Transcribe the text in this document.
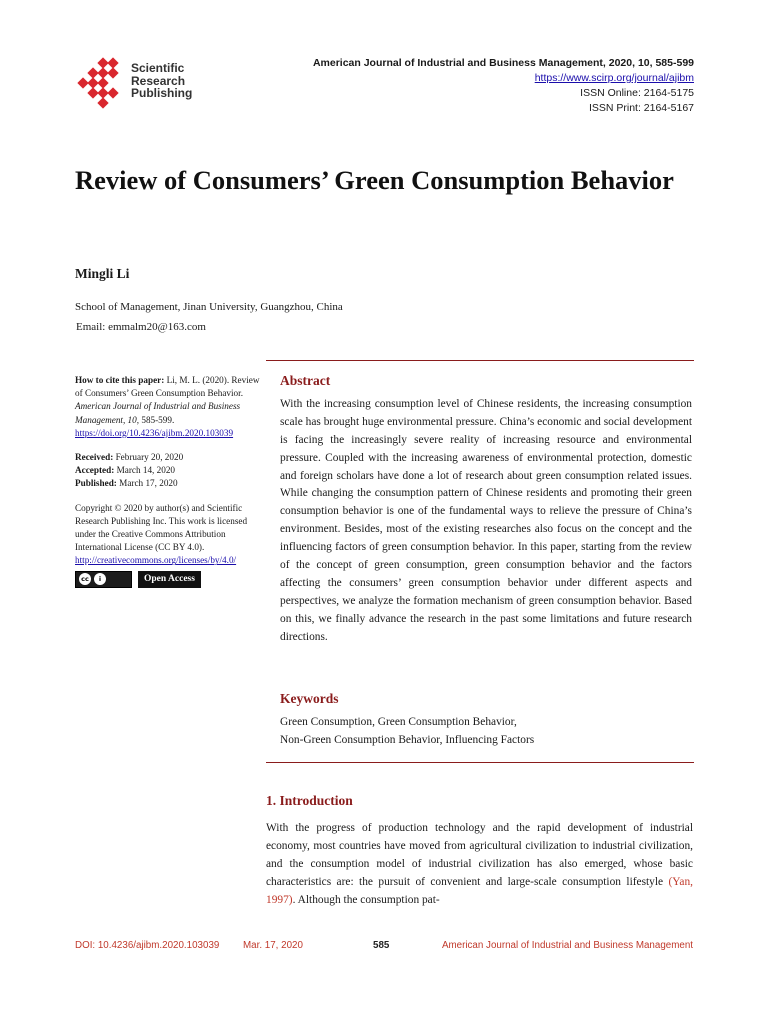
Scientific
Research
Publishing
American Journal of Industrial and Business Management, 2020, 10, 585-599
https://www.scirp.org/journal/ajibm
ISSN Online: 2164-5175
ISSN Print: 2164-5167
Review of Consumers’ Green Consumption Behavior
Mingli Li
School of Management, Jinan University, Guangzhou, China
Email: emmalm20@163.com

How to cite this paper: Li, M. L. (2020). Review of Consumers’ Green Consumption Behavior. American Journal of Industrial and Business Management, 10, 585-599.

https://doi.org/10.4236/ajibm.2020.103039

Received: February 20, 2020

Accepted: March 14, 2020

Published: March 17, 2020

Copyright © 2020 by author(s) and Scientific Research Publishing Inc. This work is licensed under the Creative Commons Attribution International License (CC BY 4.0).

http://creativecommons.org/licenses/by/4.0/

cc	i	Open Access
Abstract
With the increasing consumption level of Chinese residents, the increasing consumption scale has brought huge environmental pressure. China’s economic and social development is facing the increasingly severe reality of increasing resource and environmental pressure. Coupled with the increasing awareness of environmental protection, domestic and foreign scholars have done a lot of research about green consumption related issues. While changing the consumption pattern of Chinese residents and promoting their green consumption behavior is one of the fundamental ways to relieve the pressure of China’s environment. Besides, most of the existing researches also focus on the concept and the influencing factors of green consumption behavior. In this paper, starting from the review of the concept of green consumption, green consumption behavior and the factors affecting the consumers’ green consumption behavior under different aspects and perspectives, we analyze the formation mechanism of green consumption behavior. Based on this, we finally advance the research in the past some limitations and future research directions.
Keywords
Green Consumption, Green Consumption Behavior,
Non-Green Consumption Behavior, Influencing Factors
1. Introduction
With the progress of production technology and the rapid development of industrial economy, most countries have moved from agricultural civilization to industrial civilization, and the consumption model of industrial civilization has also emerged, whose basic characteristics are: the pursuit of convenient and large-scale consumption lifestyle (Yan, 1997). Although the consumption pat-
DOI: 10.4236/ajibm.2020.103039 Mar. 17, 2020	585	American Journal of Industrial and Business Management
